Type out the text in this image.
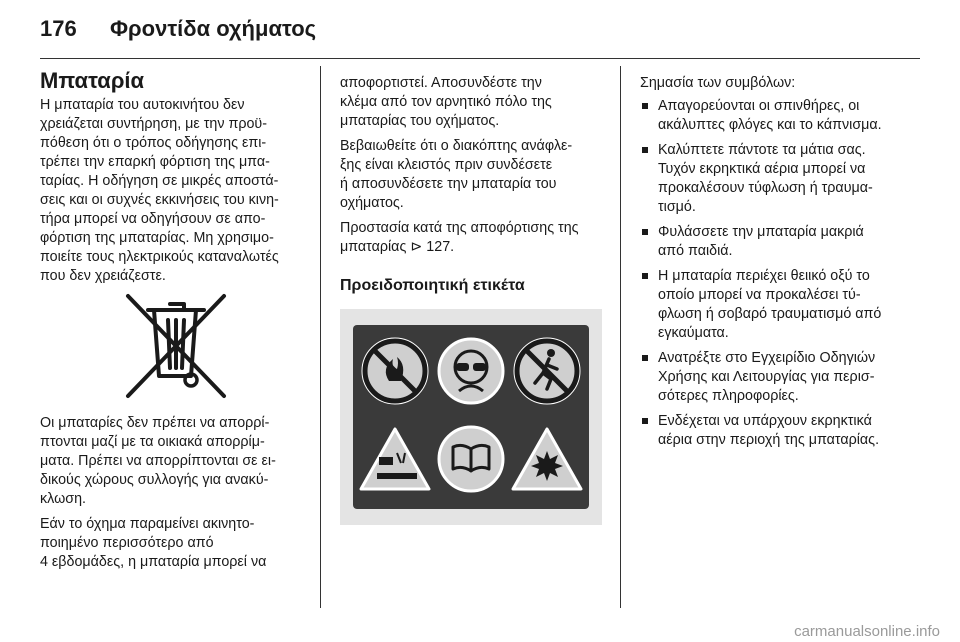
176	Φροντίδα οχήματος
Μπαταρία

Η μπαταρία του αυτοκινήτου δεν
χρειάζεται συντήρηση, με την προϋ-
πόθεση ότι ο τρόπος οδήγησης επι-
τρέπει την επαρκή φόρτιση της μπα-
ταρίας. Η οδήγηση σε μικρές αποστά-
σεις και οι συχνές εκκινήσεις του κινη-
τήρα μπορεί να οδηγήσουν σε απο-
φόρτιση της μπαταρίας. Μη χρησιμο-
ποιείτε τους ηλεκτρικούς καταναλωτές
που δεν χρειάζεστε.

Οι μπαταρίες δεν πρέπει να απορρί-
πτονται μαζί με τα οικιακά απορρίμ-
ματα. Πρέπει να απορρίπτονται σε ει-
δικούς χώρους συλλογής για ανακύ-
κλωση.

Εάν το όχημα παραμείνει ακινητο-
ποιημένο περισσότερο από
4 εβδομάδες, η μπαταρία μπορεί να

αποφορτιστεί. Αποσυνδέστε την
κλέμα από τον αρνητικό πόλο της
μπαταρίας του οχήματος.

Βεβαιωθείτε ότι ο διακόπτης ανάφλε-
ξης είναι κλειστός πριν συνδέσετε
ή αποσυνδέσετε την μπαταρία του
οχήματος.

Προστασία κατά της αποφόρτισης της
μπαταρίας ⊳ 127.

Προειδοποιητική ετικέτα

Σημασία των συμβόλων:

Απαγορεύονται οι σπινθήρες, οι
ακάλυπτες φλόγες και το κάπνισμα.
Καλύπτετε πάντοτε τα μάτια σας.
Τυχόν εκρηκτικά αέρια μπορεί να
προκαλέσουν τύφλωση ή τραυμα-
τισμό.
Φυλάσσετε την μπαταρία μακριά
από παιδιά.
Η μπαταρία περιέχει θειικό οξύ το
οποίο μπορεί να προκαλέσει τύ-
φλωση ή σοβαρό τραυματισμό από
εγκαύματα.
Ανατρέξτε στο Εγχειρίδιο Οδηγιών
Χρήσης και Λειτουργίας για περισ-
σότερες πληροφορίες.
Ενδέχεται να υπάρχουν εκρηκτικά
αέρια στην περιοχή της μπαταρίας.
carmanualsonline.info
